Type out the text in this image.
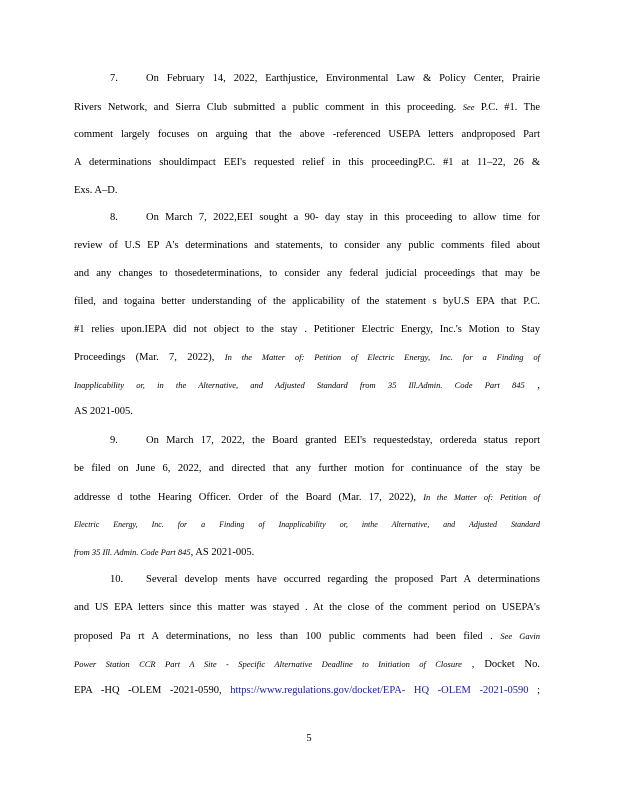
7.	On February 14, 2022, Earthjustice, Environmental Law & Policy Center, Prairie
Rivers Network, and Sierra Club submitted a public comment in this proceeding. See P.C. #1. The
comment largely focuses on arguing that the above -referenced USEPA letters andproposed Part
A determinations shouldimpact EEI's requested relief in this proceedingP.C. #1 at 11–22, 26 &
Exs. A–D.
8.	On March 7, 2022,EEI sought a 90- day stay in this proceeding to allow time for
review of U.S EP A's determinations and statements, to consider any public comments filed about
and any changes to thosedeterminations, to consider any federal judicial proceedings that may be
filed, and togaina better understanding of the applicability of the statement s byU.S EPA that P.C.
#1 relies upon.IEPA did not object to the stay . Petitioner Electric Energy, Inc.'s Motion to Stay
Proceedings (Mar. 7, 2022), In the Matter of: Petition of Electric Energy, Inc. for a Finding of
Inapplicability or, in the Alternative, and Adjusted Standard from 35 Ill.Admin. Code Part 845 ,
AS 2021-005.
9.	On March 17, 2022, the Board granted EEI's requestedstay, ordereda status report
be filed on June 6, 2022, and directed that any further motion for continuance of the stay be
addresse d tothe Hearing Officer. Order of the Board (Mar. 17, 2022), In the Matter of: Petition of
Electric Energy, Inc. for a Finding of Inapplicability or, inthe Alternative, and Adjusted Standard
from 35 Ill. Admin. Code Part 845, AS 2021-005.
10. Several develop ments have occurred regarding the proposed Part A determinations
and US EPA letters since this matter was stayed . At the close of the comment period on USEPA's
proposed Pa rt A determinations, no less than 100 public comments had been filed . See Gavin
Power Station CCR Part A Site - Specific Alternative Deadline to Initiation of Closure , Docket No.
EPA -HQ -OLEM -2021-0590, https://www.regulations.gov/docket/EPA- HQ -OLEM -2021-0590 ;
5
